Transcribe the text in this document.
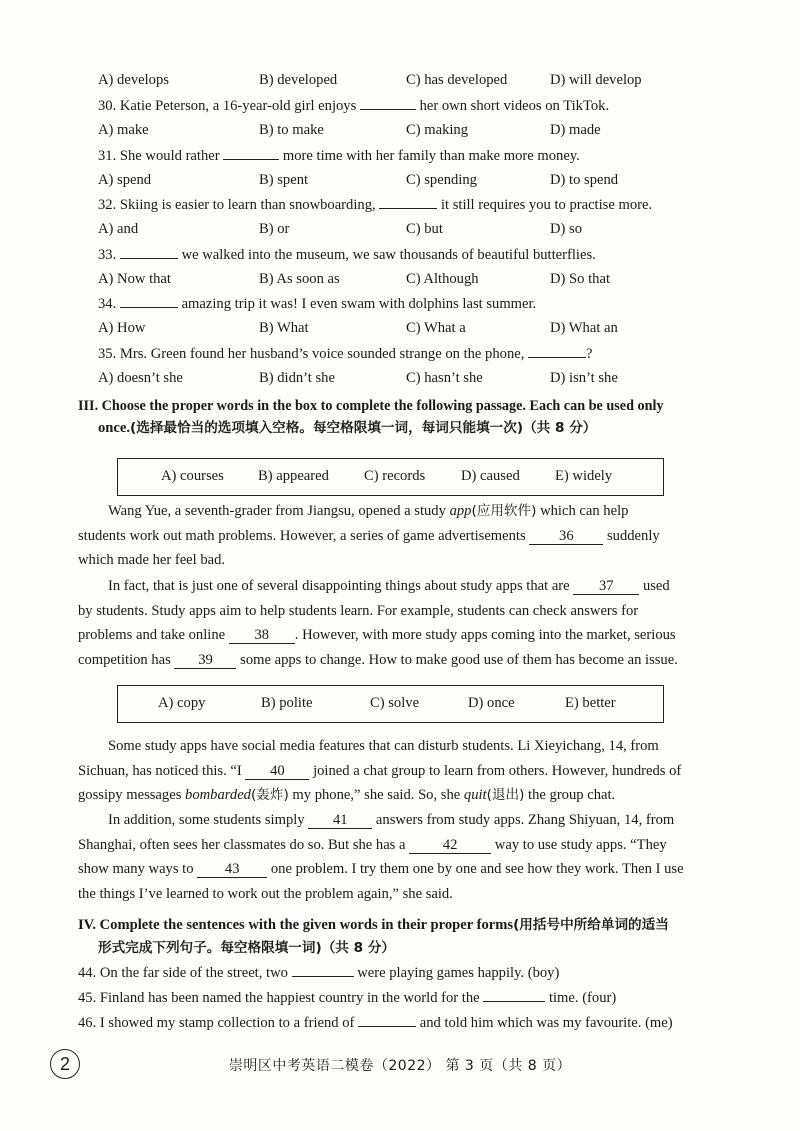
A) develops	B) developed	C) has developed	D) will develop
30. Katie Peterson, a 16-year-old girl enjoys	her own short videos on TikTok.
A) make	B) to make	C) making	D) made
31. She would rather	more time with her family than make more money.
A) spend	B) spent	C) spending	D) to spend
32. Skiing is easier to learn than snowboarding,	it still requires you to practise more.
A) and	B) or	C) but	D) so
33.	we walked into the museum, we saw thousands of beautiful butterflies.
A) Now that	B) As soon as	C) Although	D) So that
34.	amazing trip it was! I even swam with dolphins last summer.
A) How	B) What	C) What a	D) What an
35. Mrs. Green found her husband’s voice sounded strange on the phone,	?
A) doesn’t she	B) didn’t she	C) hasn’t she	D) isn’t she
III. Choose the proper words in the box to complete the following passage. Each can be used only
once.(选择最恰当的选项填入空格。每空格限填一词，每词只能填一次)（共 8 分）
A) courses B) appeared C) records D) caused E) widely
Wang Yue, a seventh-grader from Jiangsu, opened a study app(应用软件) which can help
students work out math problems. However, a series of game advertisements 36 suddenly
which made her feel bad.
In fact, that is just one of several disappointing things about study apps that are 37 used
by students. Study apps aim to help students learn. For example, students can check answers for
problems and take online 38 . However, with more study apps coming into the market, serious
competition has 39 some apps to change. How to make good use of them has become an issue.
A) copy	B) polite	C) solve	D) once	E) better
Some study apps have social media features that can disturb students. Li Xieyichang, 14, from
Sichuan, has noticed this. “I 40 joined a chat group to learn from others. However, hundreds of
gossipy messages bombarded(轰炸) my phone,” she said. So, she quit(退出) the group chat.
In addition, some students simply 41 answers from study apps. Zhang Shiyuan, 14, from
Shanghai, often sees her classmates do so. But she has a	42	way to use study apps. “They
show many ways to 43 one problem. I try them one by one and see how they work. Then I use
the things I’ve learned to work out the problem again,” she said.
IV. Complete the sentences with the given words in their proper forms(用括号中所给单词的适当
形式完成下列句子。每空格限填一词)（共 8 分）
44. On the far side of the street, two	were playing games happily. (boy)
45. Finland has been named the happiest country in the world for the	time. (four)
46. I showed my stamp collection to a friend of	and told him which was my favourite. (me)
2	崇明区中考英语二模卷（2022） 第 3 页（共 8 页）
